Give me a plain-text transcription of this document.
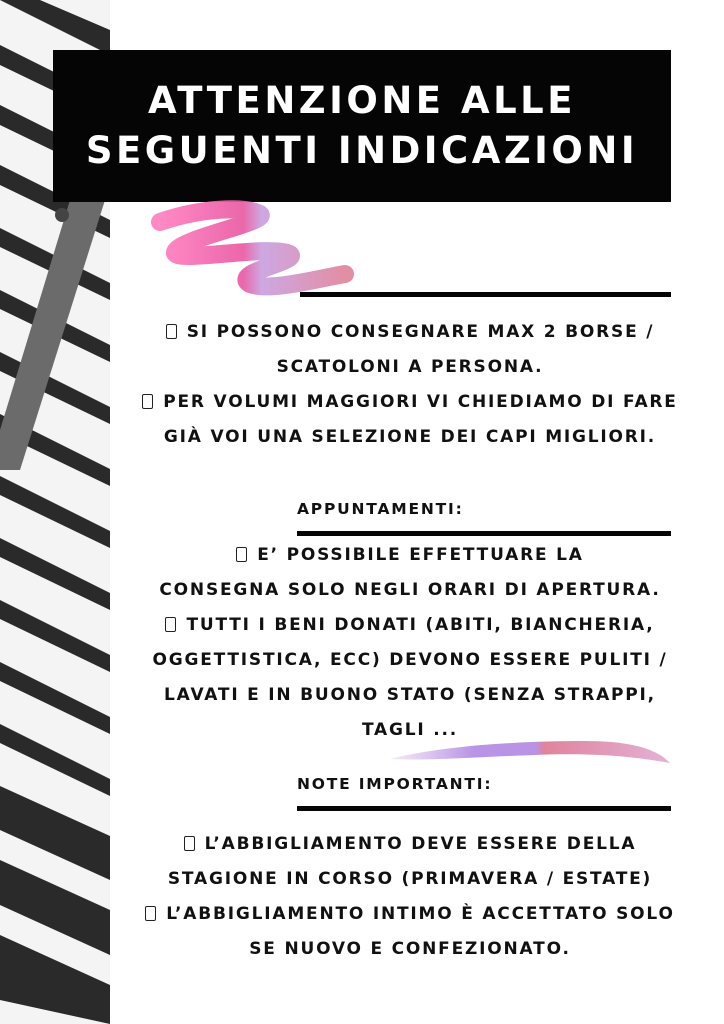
ATTENZIONE ALLE
SEGUENTI INDICAZIONI
SI POSSONO CONSEGNARE MAX 2 BORSE /
SCATOLONI A PERSONA.
PER VOLUMI MAGGIORI VI CHIEDIAMO DI FARE
GIÀ VOI UNA SELEZIONE DEI CAPI MIGLIORI.
APPUNTAMENTI:
E’ POSSIBILE EFFETTUARE LA
CONSEGNA SOLO NEGLI ORARI DI APERTURA.
TUTTI I BENI DONATI (ABITI, BIANCHERIA,
OGGETTISTICA, ECC) DEVONO ESSERE PULITI /
LAVATI E IN BUONO STATO (SENZA STRAPPI,
TAGLI ...
NOTE IMPORTANTI:
L’ABBIGLIAMENTO DEVE ESSERE DELLA
STAGIONE IN CORSO (PRIMAVERA / ESTATE)
L’ABBIGLIAMENTO INTIMO È ACCETTATO SOLO
SE NUOVO E CONFEZIONATO.
